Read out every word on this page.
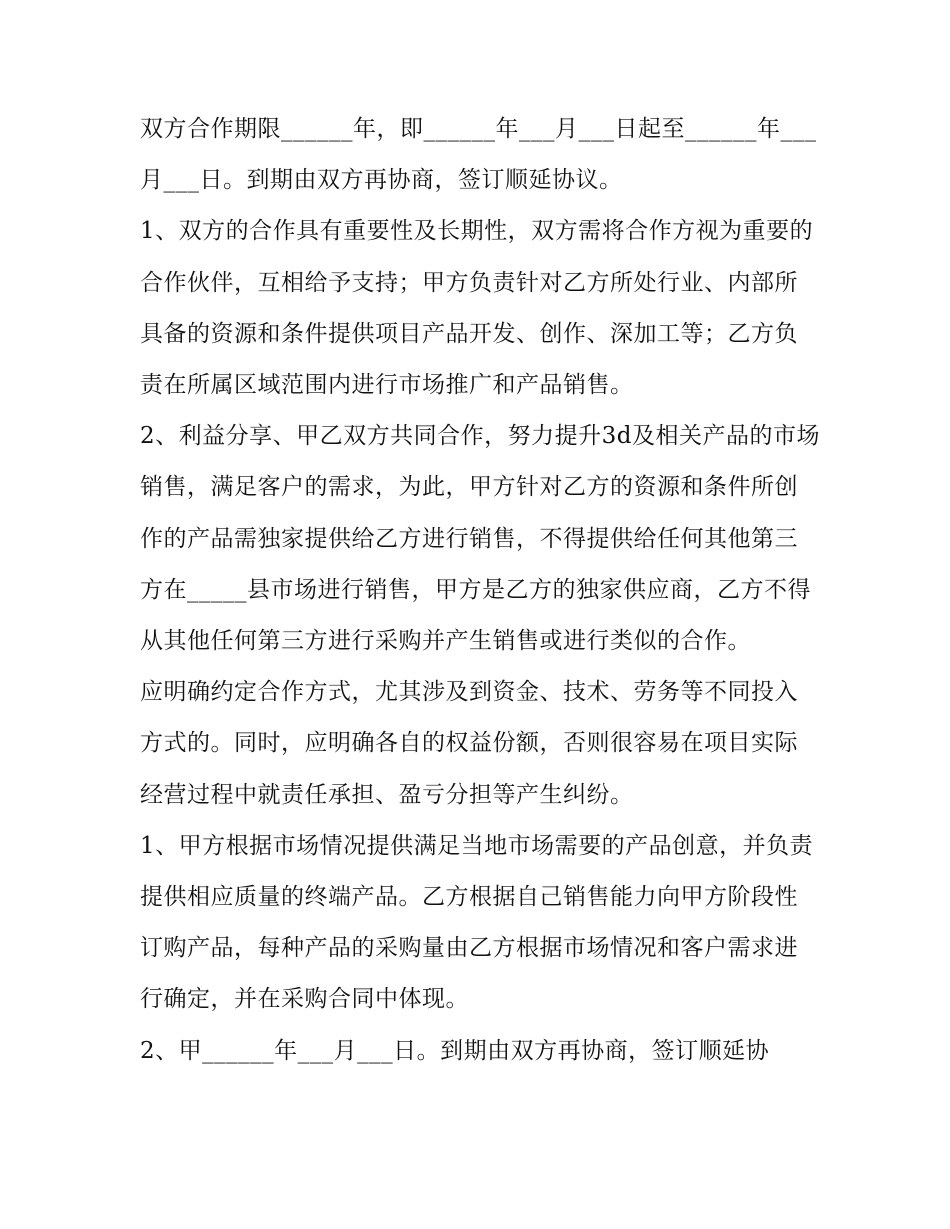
双方合作期限______年，即______年___月___日起至______年___月___日。到期由双方再协商，签订顺延协议。

1、双方的合作具有重要性及长期性，双方需将合作方视为重要的合作伙伴，互相给予支持；甲方负责针对乙方所处行业、内部所具备的资源和条件提供项目产品开发、创作、深加工等；乙方负责在所属区域范围内进行市场推广和产品销售。

2、利益分享、甲乙双方共同合作，努力提升3d及相关产品的市场销售，满足客户的需求，为此，甲方针对乙方的资源和条件所创作的产品需独家提供给乙方进行销售，不得提供给任何其他第三方在_____县市场进行销售，甲方是乙方的独家供应商，乙方不得从其他任何第三方进行采购并产生销售或进行类似的合作。

应明确约定合作方式，尤其涉及到资金、技术、劳务等不同投入方式的。同时，应明确各自的权益份额，否则很容易在项目实际经营过程中就责任承担、盈亏分担等产生纠纷。

1、甲方根据市场情况提供满足当地市场需要的产品创意，并负责提供相应质量的终端产品。乙方根据自己销售能力向甲方阶段性订购产品，每种产品的采购量由乙方根据市场情况和客户需求进行确定，并在采购合同中体现。

2、甲______年___月___日。到期由双方再协商，签订顺延协
